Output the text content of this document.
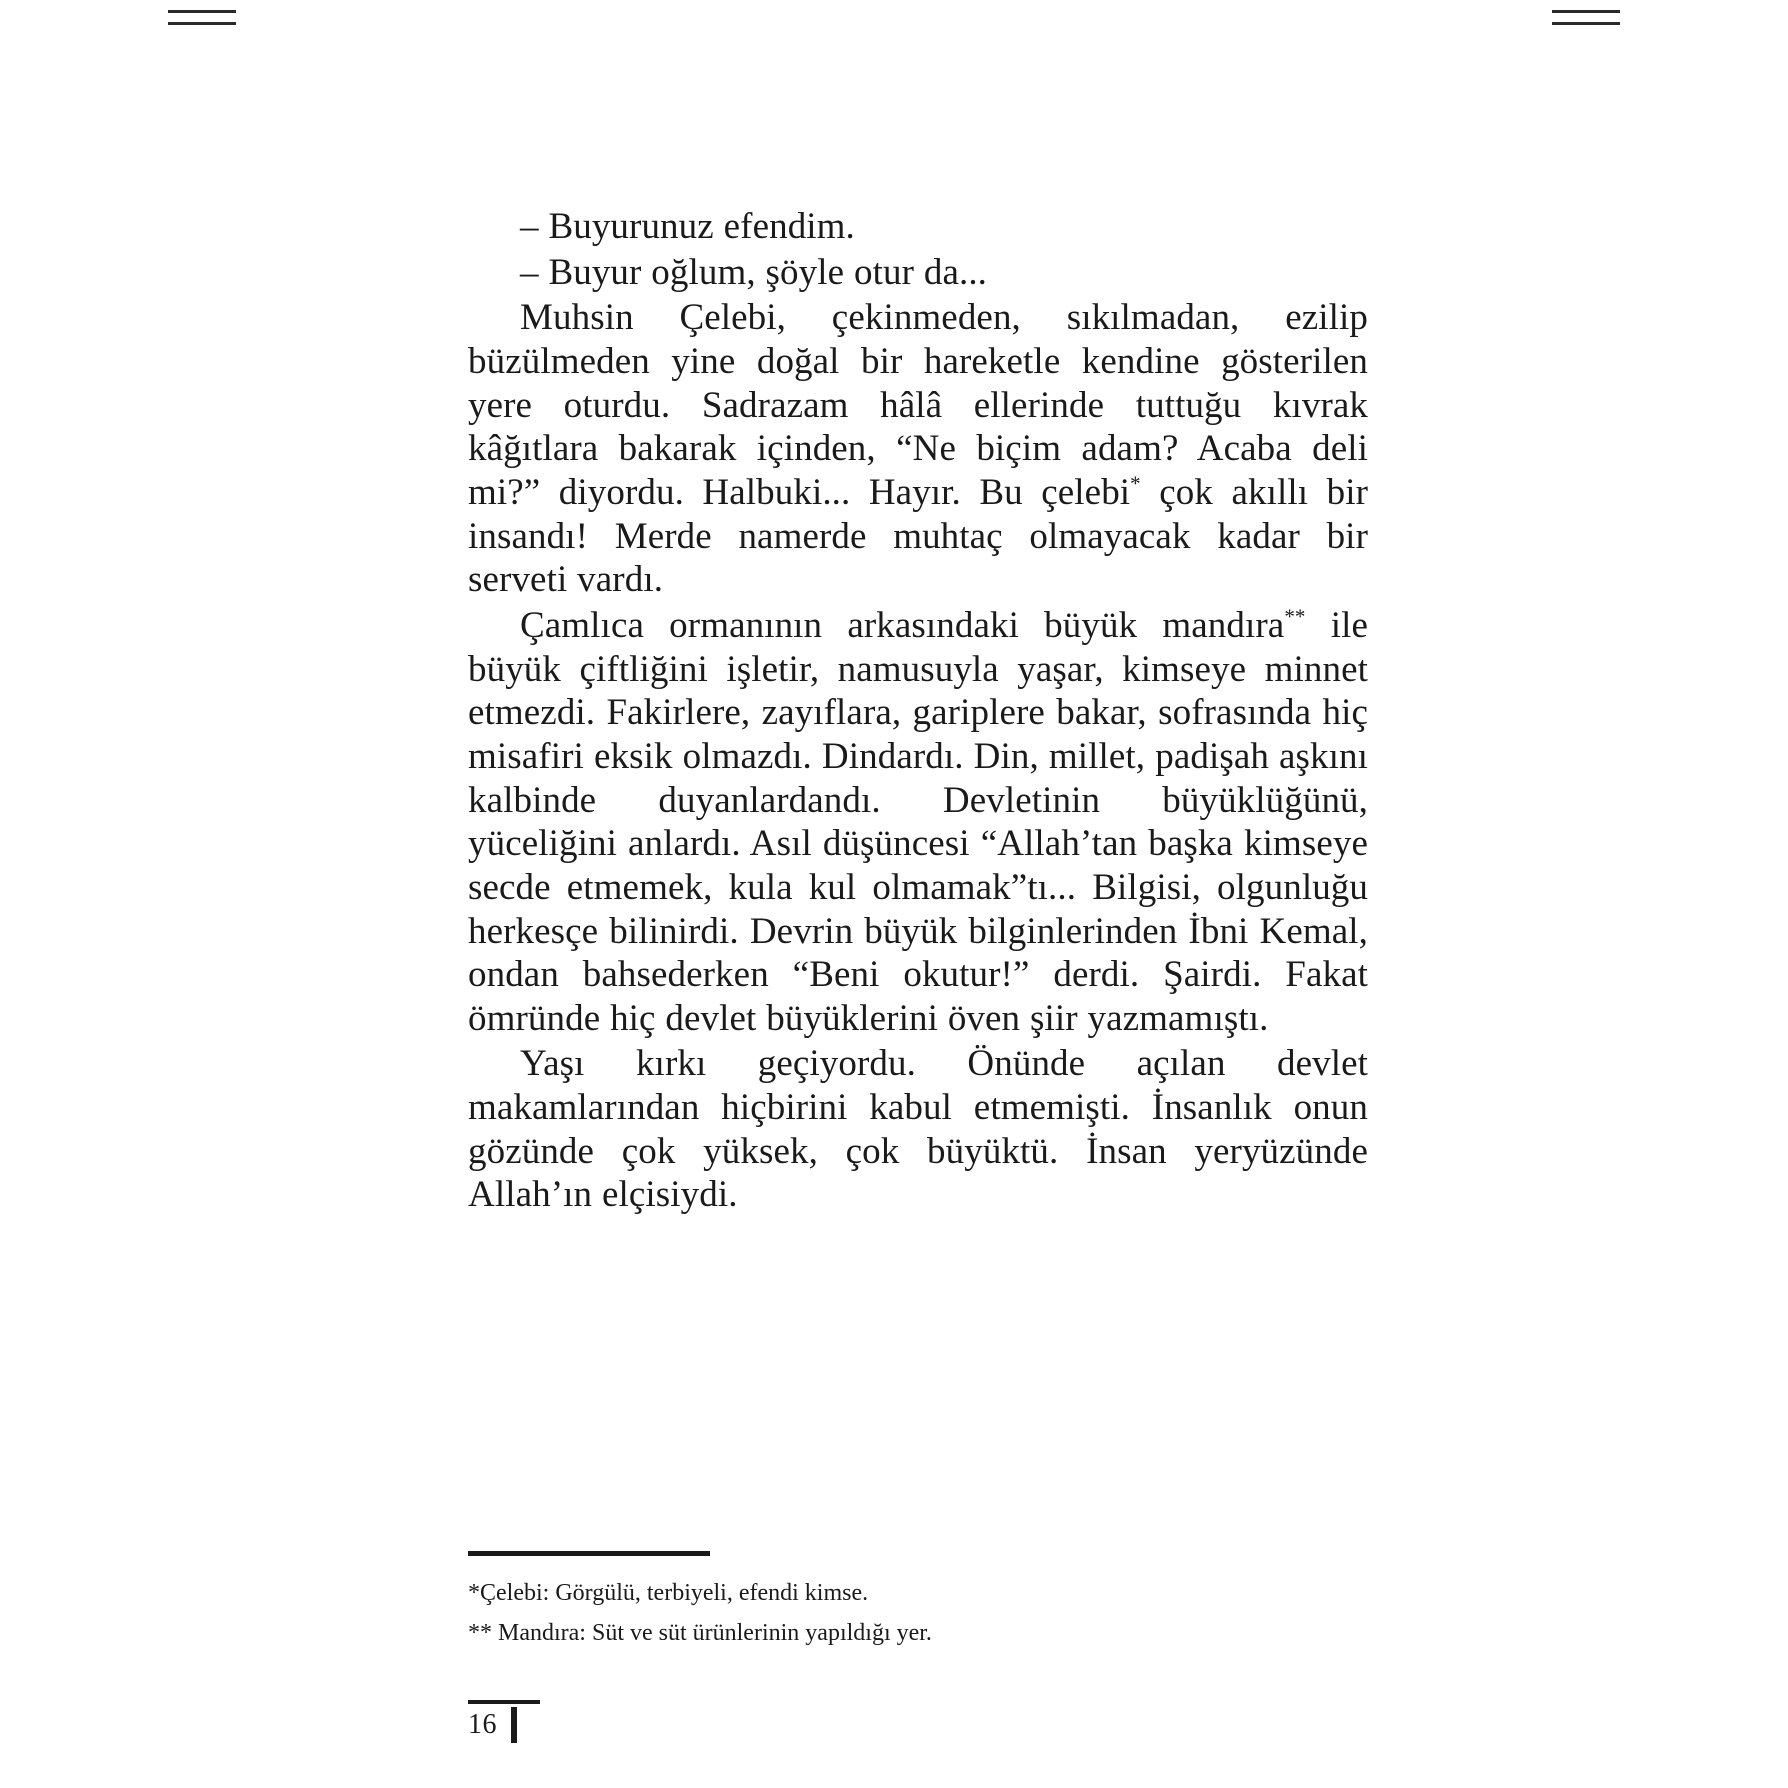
– Buyurunuz efendim.

– Buyur oğlum, şöyle otur da...

Muhsin Çelebi, çekinmeden, sıkılmadan, ezilip büzülmeden yine doğal bir hareketle kendine gösterilen yere oturdu. Sadrazam hâlâ ellerinde tuttuğu kıvrak kâğıtlara bakarak içinden, “Ne biçim adam? Acaba deli mi?” diyordu. Halbuki... Hayır. Bu çelebi* çok akıllı bir insandı! Merde namerde muhtaç olmayacak kadar bir serveti vardı.

Çamlıca ormanının arkasındaki büyük mandıra** ile büyük çiftliğini işletir, namusuyla yaşar, kimseye minnet etmezdi. Fakirlere, zayıflara, gariplere bakar, sofrasında hiç misafiri eksik olmazdı. Dindardı. Din, millet, padişah aşkını kalbinde duyanlardandı. Devletinin büyüklüğünü, yüceliğini anlardı. Asıl düşüncesi “Allah’tan başka kimseye secde etmemek, kula kul olmamak”tı... Bilgisi, olgunluğu herkesçe bilinirdi. Devrin büyük bilginlerinden İbni Kemal, ondan bahsederken “Beni okutur!” derdi. Şairdi. Fakat ömründe hiç devlet büyüklerini öven şiir yazmamıştı.

Yaşı kırkı geçiyordu. Önünde açılan devlet makamlarından hiçbirini kabul etmemişti. İnsanlık onun gözünde çok yüksek, çok büyüktü. İnsan yeryüzünde Allah’ın elçisiydi.

*Çelebi: Görgülü, terbiyeli, efendi kimse.

** Mandıra: Süt ve süt ürünlerinin yapıldığı yer.

16
